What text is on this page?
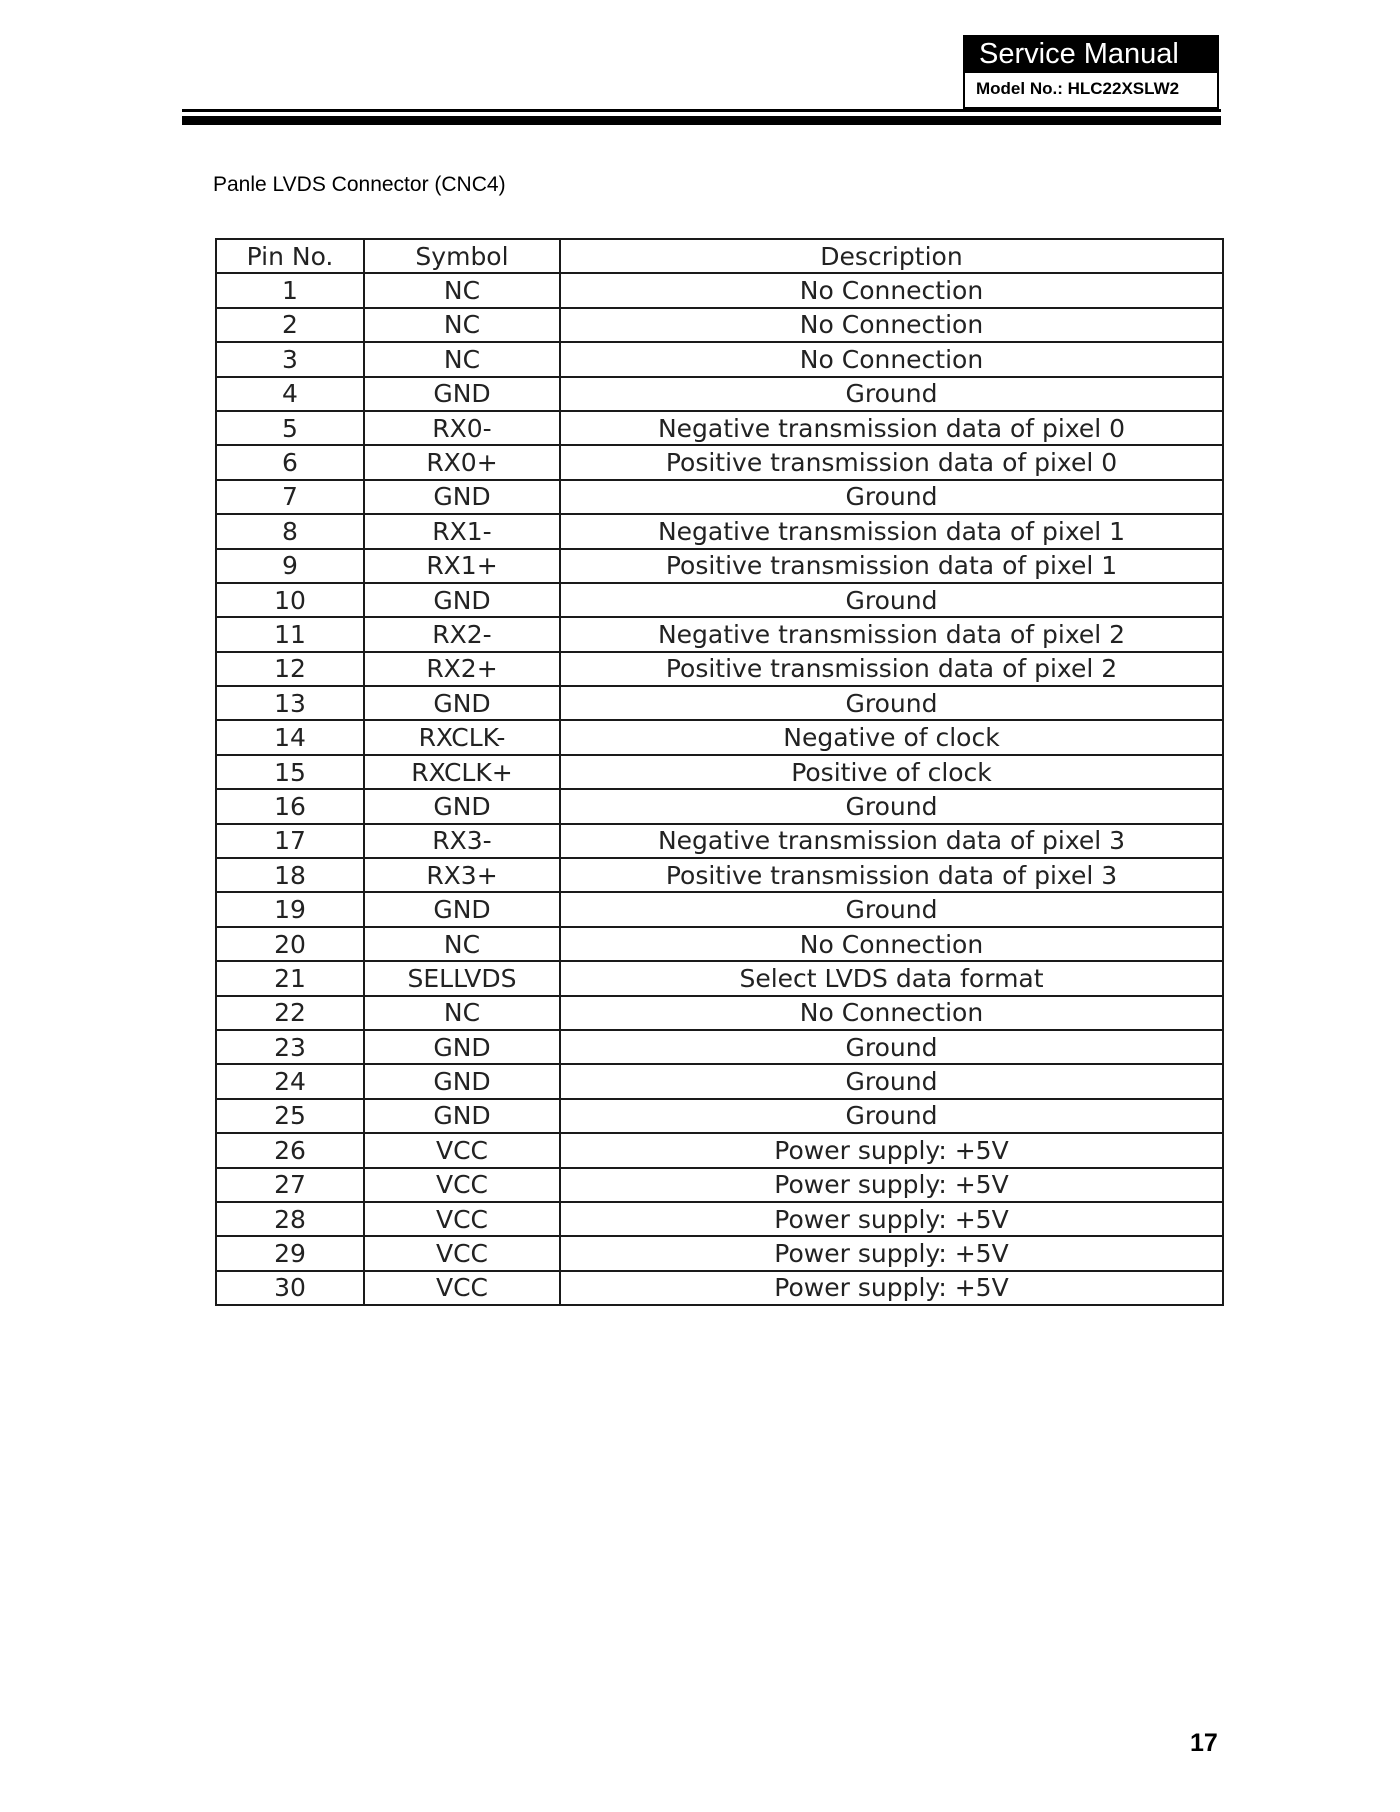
Service Manual
Model No.: HLC22XSLW2
Panle LVDS Connector (CNC4)
Pin No.	Symbol	Description
1	NC	No Connection
2	NC	No Connection
3	NC	No Connection
4	GND	Ground
5	RX0-	Negative transmission data of pixel 0
6	RX0+	Positive transmission data of pixel 0
7	GND	Ground
8	RX1-	Negative transmission data of pixel 1
9	RX1+	Positive transmission data of pixel 1
10	GND	Ground
11	RX2-	Negative transmission data of pixel 2
12	RX2+	Positive transmission data of pixel 2
13	GND	Ground
14	RXCLK-	Negative of clock
15	RXCLK+	Positive of clock
16	GND	Ground
17	RX3-	Negative transmission data of pixel 3
18	RX3+	Positive transmission data of pixel 3
19	GND	Ground
20	NC	No Connection
21	SELLVDS	Select LVDS data format
22	NC	No Connection
23	GND	Ground
24	GND	Ground
25	GND	Ground
26	VCC	Power supply: +5V
27	VCC	Power supply: +5V
28	VCC	Power supply: +5V
29	VCC	Power supply: +5V
30	VCC	Power supply: +5V
17
